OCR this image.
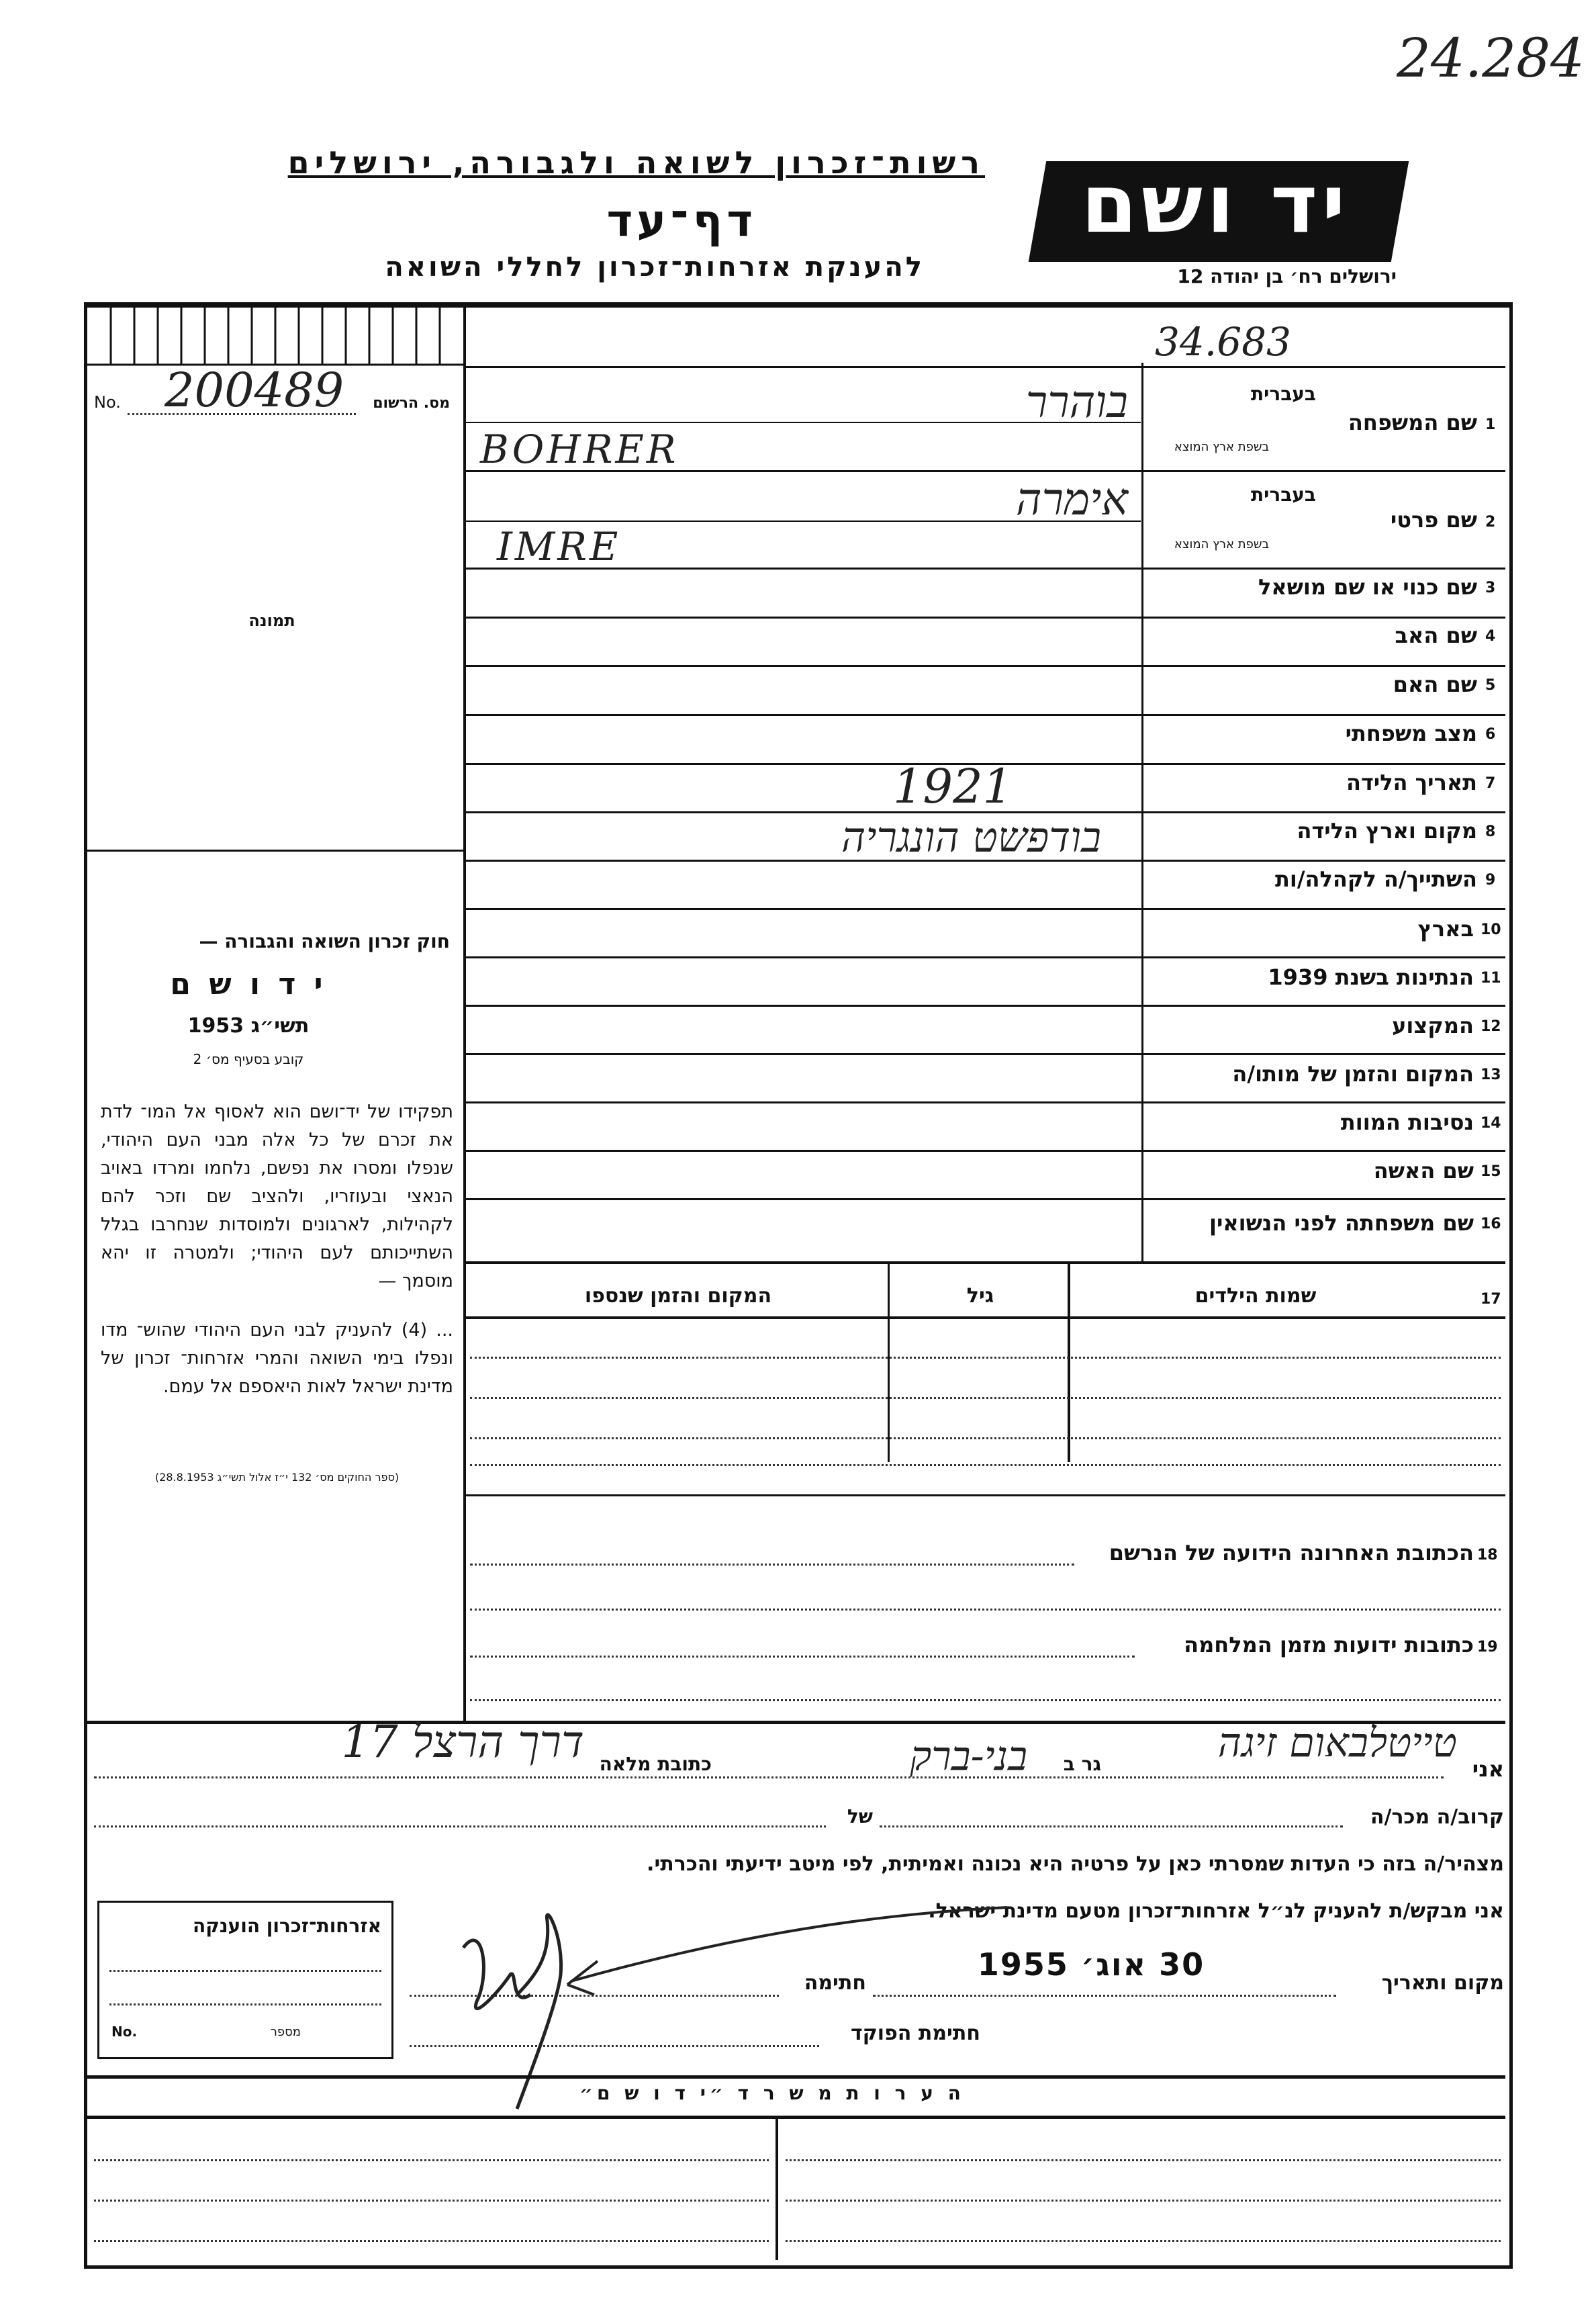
24.284
רשות־זכרון לשואה ולגבורה, ירושלים
דף־עד
להענקת אזרחות־זכרון לחללי השואה
יד ושם
ירושלים רח׳ בן יהודה 12
34.683
No. 200489	מס. הרשום
תמונה
חוק זכרון השואה והגבורה —
י ד ו ש ם
תשי״ג 1953
קובע בסעיף מס׳ 2
תפקידו של יד־ושם הוא לאסוף אל המו־ לדת את זכרם של כל אלה מבני העם היהודי, שנפלו ומסרו את נפשם, נלחמו ומרדו באויב הנאצי ובעוזריו, ולהציב שם וזכר להם לקהילות, לארגונים ולמוסדות שנחרבו בגלל השתייכותם לעם היהודי; ולמטרה זו יהא מוסמך —
... (4) להעניק לבני העם היהודי שהוש־ מדו ונפלו בימי השואה והמרי אזרחות־ זכרון של מדינת ישראל לאות היאספם אל עמם.
(ספר החוקים מס׳ 132 י״ז אלול תשי״ג 28.8.1953)
1
שם המשפחה
בעברית
בשפת ארץ המוצא
בוהרר
BOHRER
2
שם פרטי
בעברית
בשפת ארץ המוצא
אימרה
IMRE
3
שם כנוי או שם מושאל
4
שם האב
5
שם האם
6
מצב משפחתי
7
תאריך הלידה
1921
8
מקום וארץ הלידה
בודפשט הונגריה
9
השתייך/ה לקהלה/ות
10
בארץ
11
הנתינות בשנת 1939
12
המקצוע
13
המקום והזמן של מותו/ה
14
נסיבות המוות
15
שם האשה
16
שם משפחתה לפני הנשואין
17
שמות הילדים
גיל
המקום והזמן שנספו
18
הכתובת האחרונה הידועה של הנרשם
19
כתובות ידועות מזמן המלחמה
אני
טייטלבאום זיגה
גר ב
בני-ברק
כתובת מלאה
דרך הרצל 17
קרוב/ה מכר/ה
של
מצהיר/ה בזה כי העדות שמסרתי כאן על פרטיה היא נכונה ואמיתית, לפי מיטב ידיעתי והכרתי.
אני מבקש/ת להעניק לנ״ל אזרחות־זכרון מטעם מדינת ישראל.
מקום ותאריך
30 אוג׳ 1955
חתימה
חתימת הפוקד
אזרחות־זכרון הוענקה
No.	מספר
ה ע ר ו ת מ ש ר ד ״י ד ו ש ם״
